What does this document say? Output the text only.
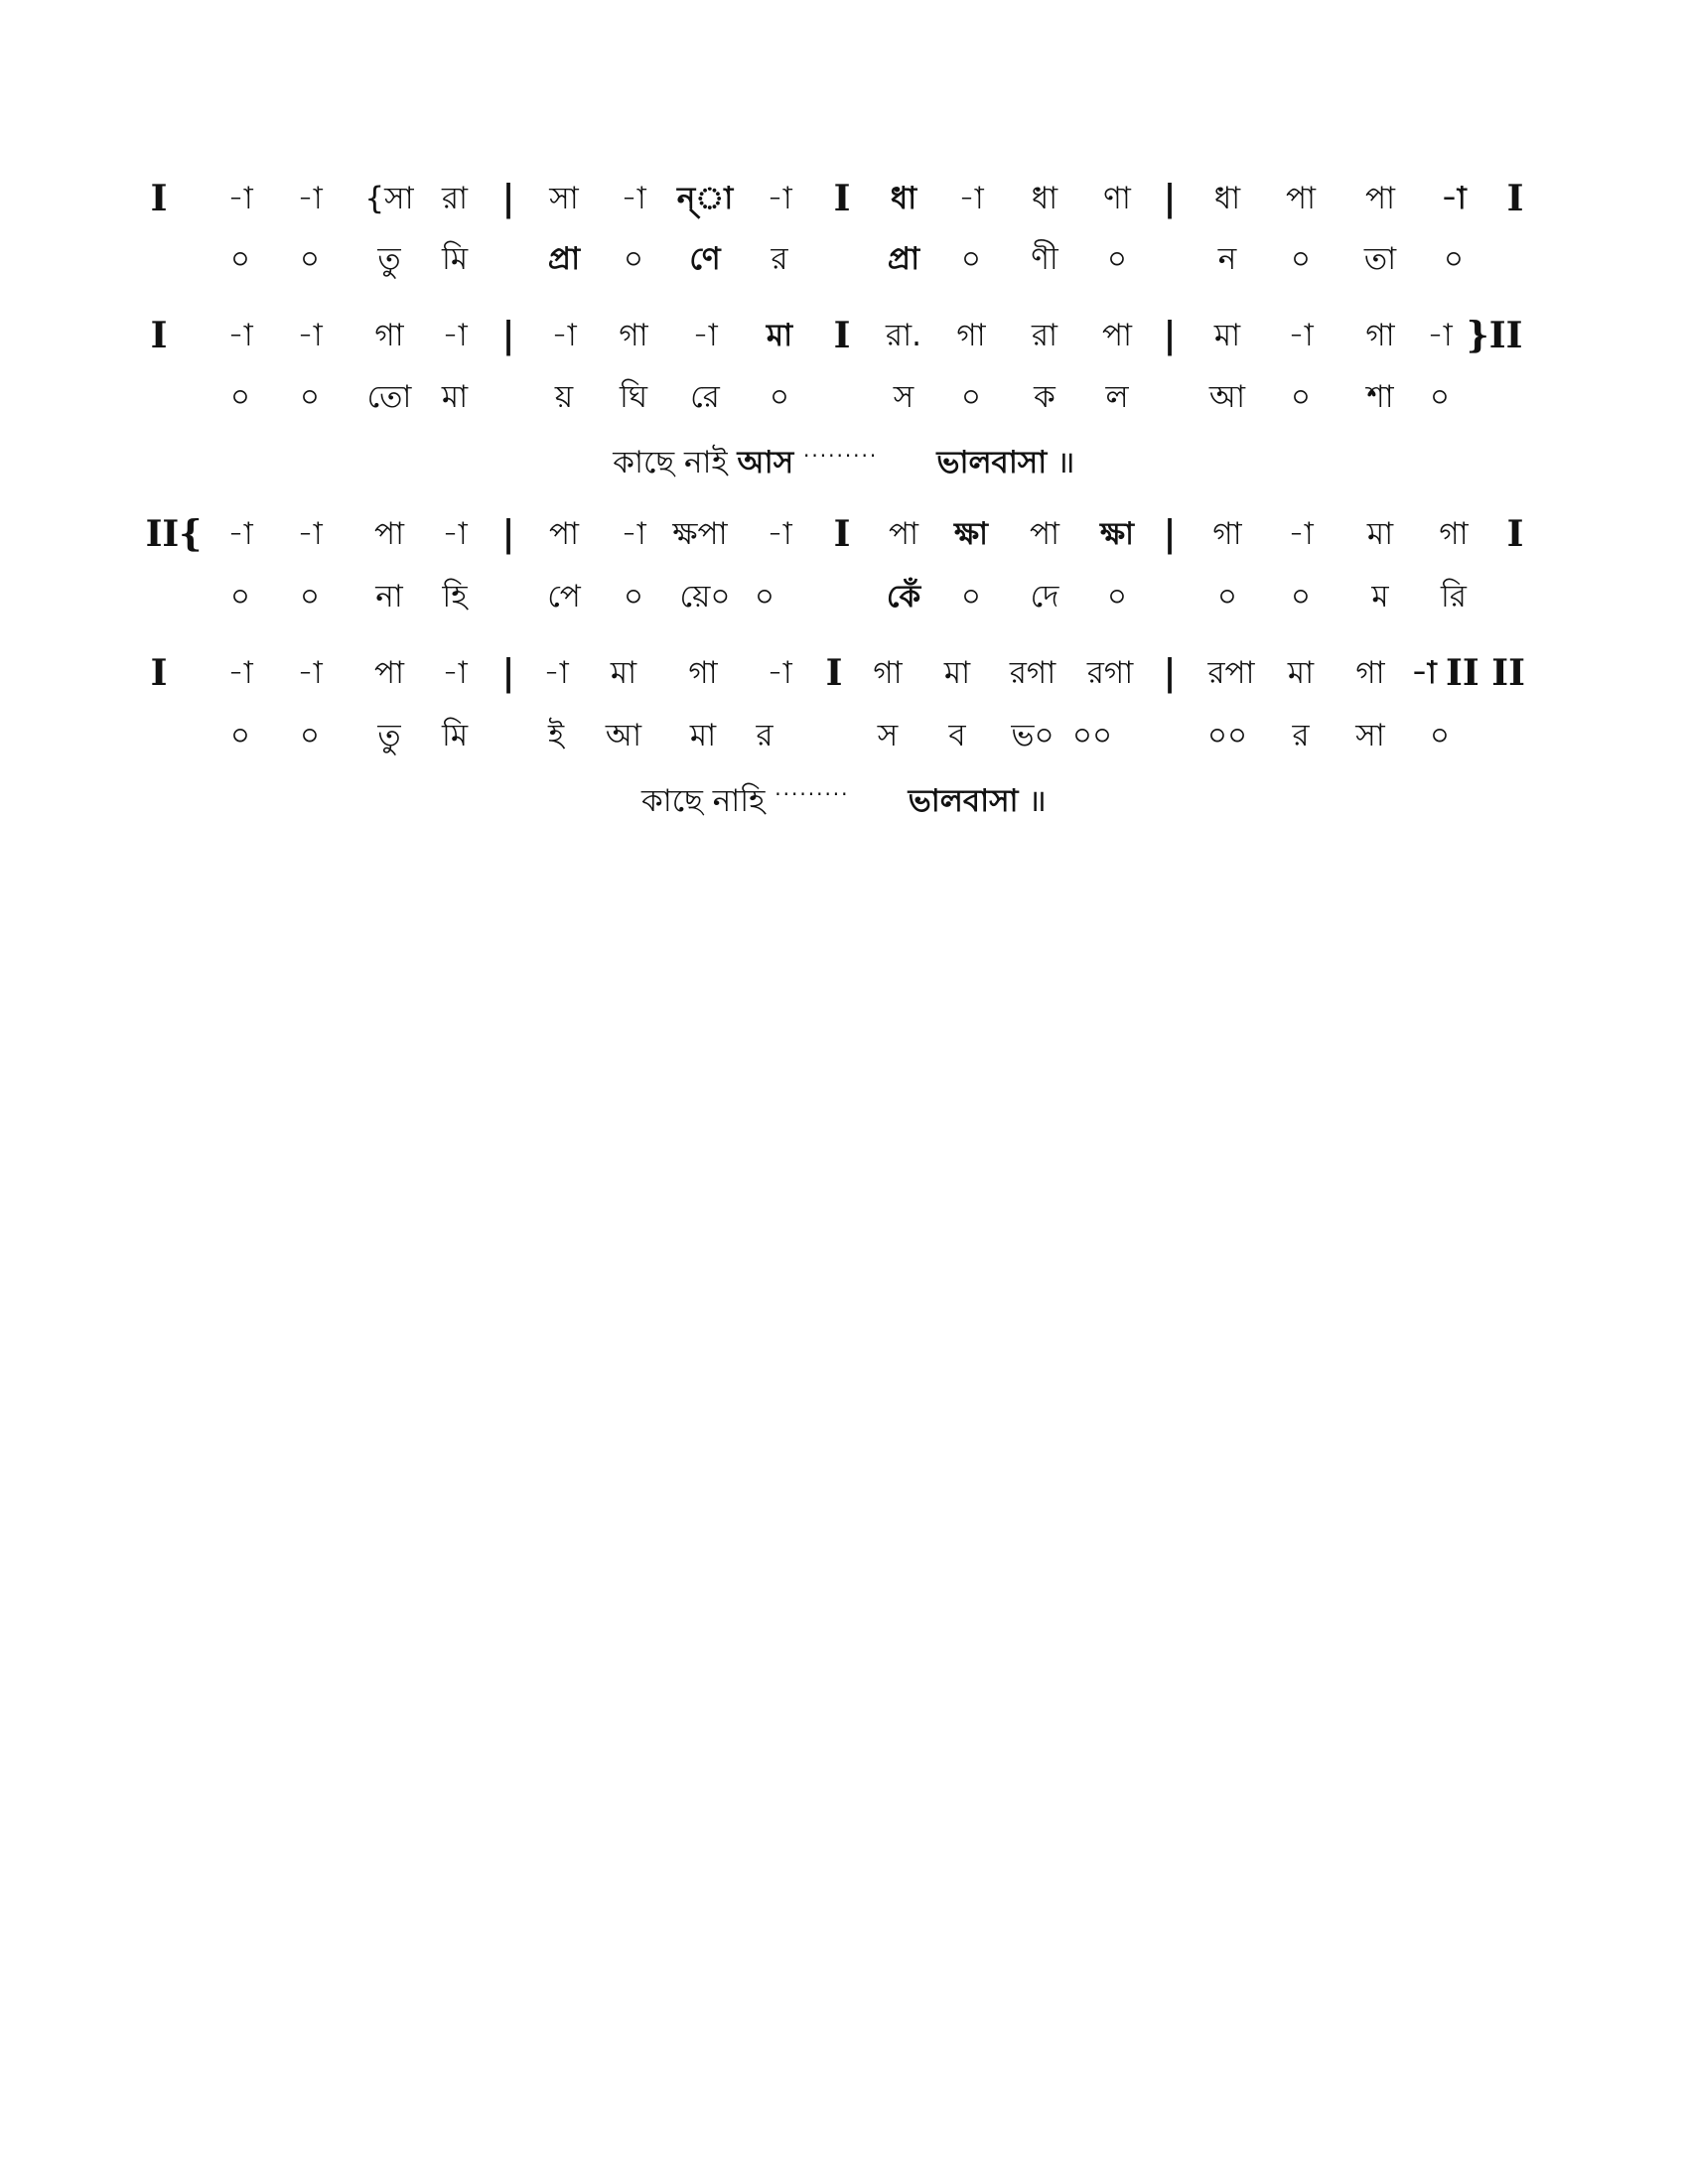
I -া -া {সা রা | সা -া ন্‌া -া I ধা -া ধা ণা | ধা পা পা -া I
০ ০ তু মি	প্রা ০ ণে র	প্রা ০ ণী ০	ন ০ তা ০
I -া -া গা -া | -া গা -া মা I রা. গা রা পা | মা -া গা -া }II
০ ০ তো মা	য় ঘি রে ০	স ০ ক ল	আ ০ শা ০
কাছে নাই আস ········· ভালবাসা ॥
II{ -া -া পা -া | পা -া ক্ষপা -া I পা ক্ষা পা ক্ষা | গা -া মা গা I
০ ০ না হি	পে ০ য়ে০ ০	কেঁ ০ দে ০	০ ০ ম রি
I -া -া পা -া | -া মা গা -া I গা মা রগা রগা | রপা মা গা -া II II
০ ০ তু মি	ই আ মা র	স ব ভ০ ০০	০০ র সা ০
কাছে নাহি ········· ভালবাসা ॥
